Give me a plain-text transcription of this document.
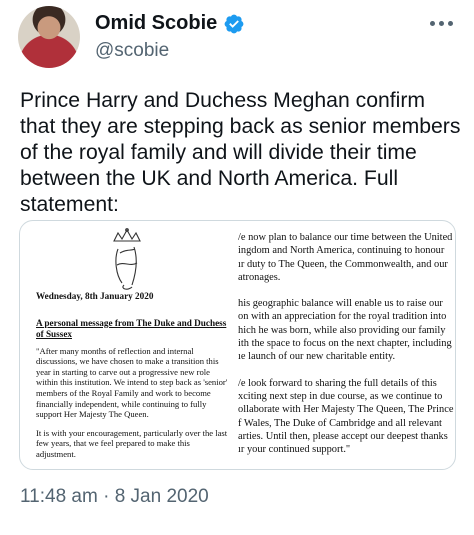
Omid Scobie
@scobie
Prince Harry and Duchess Meghan confirm
that they are stepping back as senior members
of the royal family and will divide their time
between the UK and North America. Full
statement:
Wednesday, 8th January 2020
A personal message from The Duke and Duchess of Sussex
"After many months of reflection and internal discussions, we have chosen to make a transition this year in starting to carve out a progressive new role within this institution. We intend to step back as 'senior' members of the Royal Family and work to become financially independent, while continuing to fully support Her Majesty The Queen.
It is with your encouragement, particularly over the last few years, that we feel prepared to make this adjustment.
/e now plan to balance our time between the United
ingdom and North America, continuing to honour
ır duty to The Queen, the Commonwealth, and our
atronages.
his geographic balance will enable us to raise our
on with an appreciation for the royal tradition into
hich he was born, while also providing our family
ith the space to focus on the next chapter, including
ıe launch of our new charitable entity.
/e look forward to sharing the full details of this
xciting next step in due course, as we continue to
ollaborate with Her Majesty The Queen, The Prince
f Wales, The Duke of Cambridge and all relevant
arties. Until then, please accept our deepest thanks
ır your continued support."
11:48 am · 8 Jan 2020
